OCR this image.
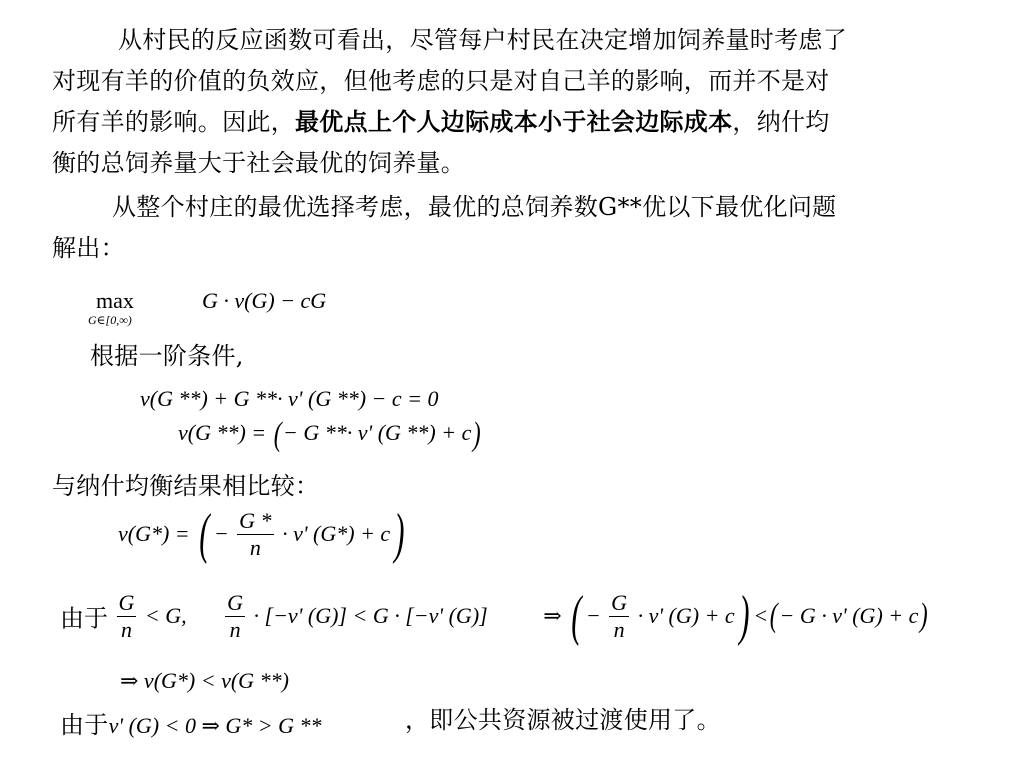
从村民的反应函数可看出，尽管每户村民在决定增加饲养量时考虑了
对现有羊的价值的负效应，但他考虑的只是对自己羊的影响，而并不是对
所有羊的影响。因此，最优点上个人边际成本小于社会边际成本，纳什均
衡的总饲养量大于社会最优的饲养量。
从整个村庄的最优选择考虑，最优的总饲养数G**优以下最优化问题
解出：
max
G∈[0,∞)
G · v(G) − cG
根据一阶条件,
v(G **) + G **· v' (G **) − c = 0
v(G **) = (− G **· v' (G **) + c)
与纳什均衡结果相比较：
v(G*) = ( − $\frac{G *}{n} \cdot v'$ (G*) + c)
由于 $\frac{G}{n} < G$, $\frac{G}{n} \cdot [-v'$ (G)] < G · [−v' (G)]	⇒ ( − $\frac{G}{n} \cdot v'$ (G) + c) <(− G · v' (G) + c)
⇒ v(G*) < v(G **)
由于v' (G) < 0 ⇒ G* > G **	，即公共资源被过渡使用了。
